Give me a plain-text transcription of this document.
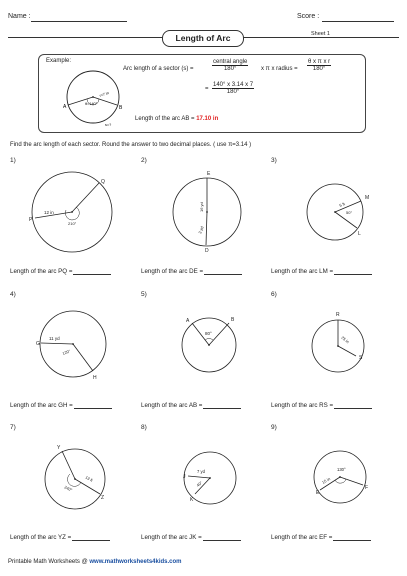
Name :	Score :
Length of Arc	Sheet 1
Example:
A	B
r=7 in
θ=140°
s=?
Arc length of a sector (s) =	$\frac{\text{central angle}}{180^\circ}$ x π x radius = $\frac{\text{θ x π x r}}{180^\circ}$
= $\frac{140^\circ x 3.14 x 7}{180^\circ}$
Length of the arc AB = 17.10 in
Find the arc length of each sector. Round the answer to two decimal places. ( use π=3.14 )
1)	2)	3)
4)	5)	6)
7)	8)	9)
P
Q
12 in
210°
E
D
16 yd
3 yd
M
L
5 ft
50°
G
H
11 yd
120°
A	B
80°
R
S
25 in
Y
Z
13 ft
240°
J
K
7 yd
40°
E
F
15 in
130°
Length of the arc PQ =	Length of the arc DE =	Length of the arc LM =
Length of the arc GH =	Length of the arc AB =	Length of the arc RS =
Length of the arc YZ =	Length of the arc JK =	Length of the arc EF =
Printable Math Worksheets @ www.mathworksheets4kids.com
